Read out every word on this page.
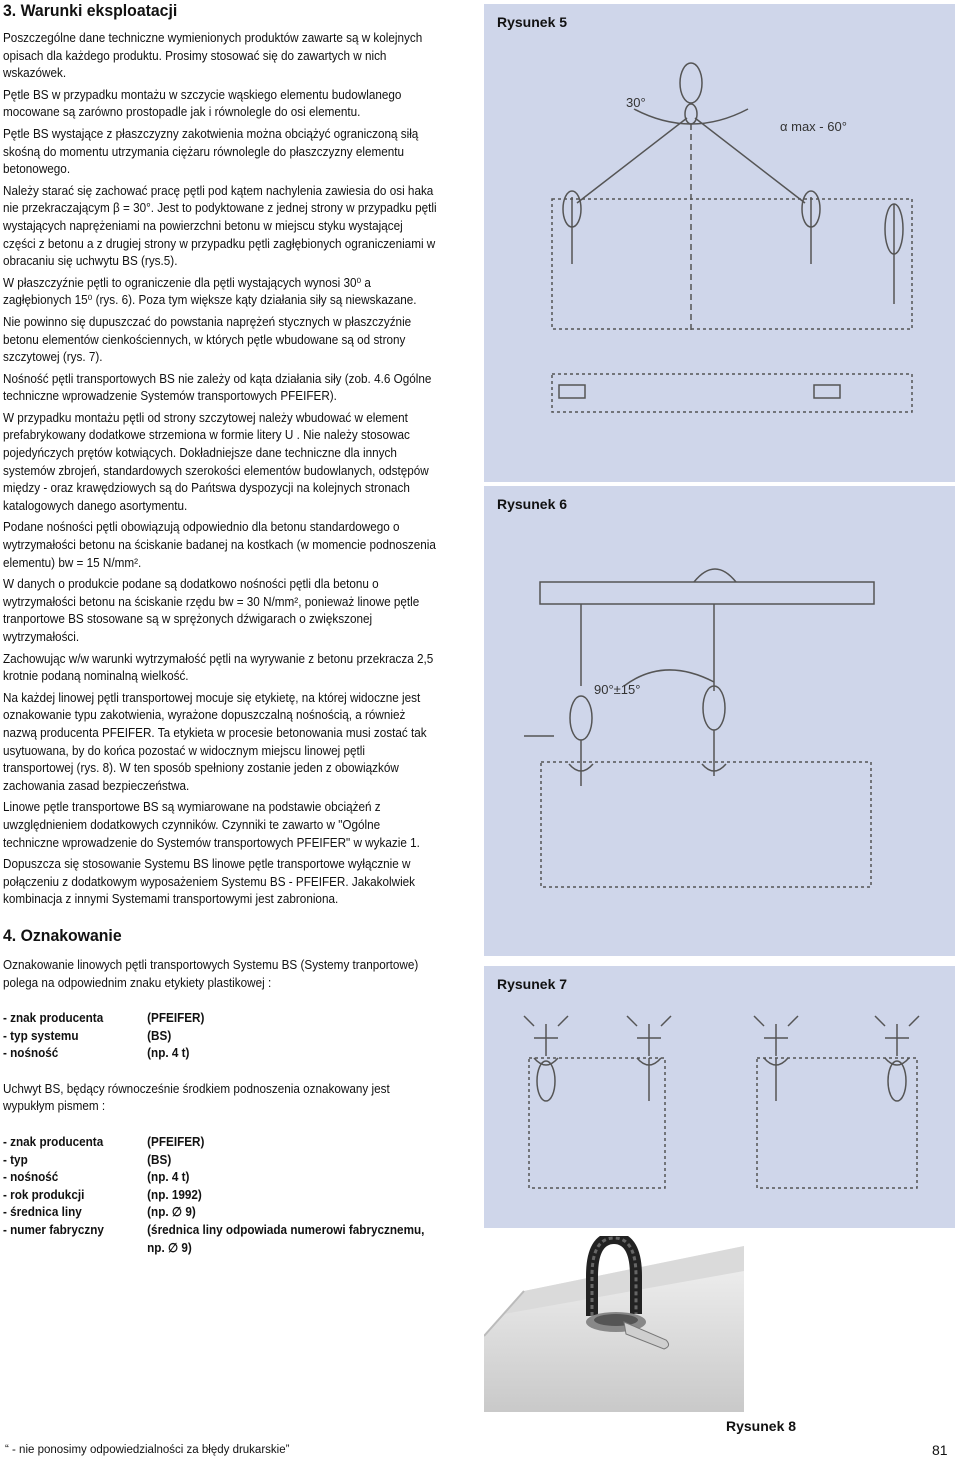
3. Warunki eksploatacji

Poszczególne dane techniczne wymienionych produktów zawarte są w kolejnych opisach dla każdego produktu. Prosimy stosować się do zawartych w nich wskazówek.

Pętle BS w przypadku montażu w szczycie wąskiego elementu budowlanego mocowane są zarówno prostopadle jak i równolegle do osi elementu.

Pętle BS wystające z płaszczyzny zakotwienia można obciążyć ograniczoną siłą skośną do momentu utrzymania ciężaru równolegle do płaszczyzny elementu betonowego.

Należy starać się zachować pracę pętli pod kątem nachylenia zawiesia do osi haka nie przekraczającym β = 30°. Jest to podyktowane z jednej strony w przypadku pętli wystających naprężeniami na powierzchni betonu w miejscu styku wystającej części z betonu a z drugiej strony w przypadku pętli zagłębionych ograniczeniami w obracaniu się uchwytu BS (rys.5).

W płaszczyźnie pętli to ograniczenie dla pętli wystających wynosi 30⁰ a zagłębionych 15⁰ (rys. 6). Poza tym większe kąty działania siły są niewskazane.

Nie powinno się dupuszczać do powstania naprężeń stycznych w płaszczyźnie betonu elementów cienkościennych, w których pętle wbudowane są od strony szczytowej (rys. 7).

Nośność pętli transportowych BS nie zależy od kąta działania siły (zob. 4.6 Ogólne techniczne wprowadzenie Systemów transportowych PFEIFER).

W przypadku montażu pętli od strony szczytowej należy wbudować w element prefabrykowany dodatkowe strzemiona w formie litery U . Nie należy stosowac pojedyńczych prętów kotwiących. Dokładniejsze dane techniczne dla innych systemów zbrojeń, standardowych szerokości elementów budowlanych, odstępów między - oraz krawędziowych są do Pańtswa dyspozycji na kolejnych stronach katalogowych danego asortymentu.

Podane nośności pętli obowiązują odpowiednio dla betonu standardowego o wytrzymałości betonu na ściskanie badanej na kostkach (w momencie podnoszenia elementu) bw = 15 N/mm².

W danych o produkcie podane są dodatkowo nośności pętli dla betonu o wytrzymałości betonu na ściskanie rzędu bw = 30 N/mm², ponieważ linowe pętle tranportowe BS stosowane są w sprężonych dźwigarach o zwiększonej wytrzymałości.

Zachowując w/w warunki wytrzymałość pętli na wyrywanie z betonu przekracza 2,5 krotnie podaną nominalną wielkość.

Na każdej linowej pętli transportowej mocuje się etykietę, na której widoczne jest oznakowanie typu zakotwienia, wyrażone dopuszczalną nośnością, a również nazwą producenta PFEIFER. Ta etykieta w procesie betonowania musi zostać tak usytuowana, by do końca pozostać w widocznym miejscu linowej pętli transportowej (rys. 8). W ten sposób spełniony zostanie jeden z obowiązków zachowania zasad bezpieczeństwa.

Linowe pętle transportowe BS są wymiarowane na podstawie obciążeń z uwzględnieniem dodatkowych czynników. Czynniki te zawarto w "Ogólne techniczne wprowadzenie do Systemów transportowych PFEIFER" w wykazie 1.

Dopuszcza się stosowanie Systemu BS linowe pętle transportowe wyłącznie w połączeniu z dodatkowym wyposażeniem Systemu BS - PFEIFER. Jakakolwiek kombinacja z innymi Systemami transportowymi jest zabroniona.

4. Oznakowanie

Oznakowanie linowych pętli transportowych Systemu BS (Systemy tranportowe) polega na odpowiednim znaku etykiety plastikowej :

- znak producenta	(PFEIFER)
- typ systemu	(BS)
- nośność	(np. 4 t)

Uchwyt BS, będący równocześnie środkiem podnoszenia oznakowany jest wypukłym pismem :

- znak producenta	(PFEIFER)
- typ	(BS)
- nośność	(np. 4 t)
- rok produkcji	(np. 1992)
- średnica liny	(np. ∅ 9)
- numer fabryczny	(średnica liny odpowiada numerowi fabrycznemu, np. ∅ 9)
Rysunek 5
30°
α max - 60°
Rysunek 6
90°±15°
Rysunek 7
Rysunek 8
“ - nie ponosimy odpowiedzialności za błędy drukarskie”	81
